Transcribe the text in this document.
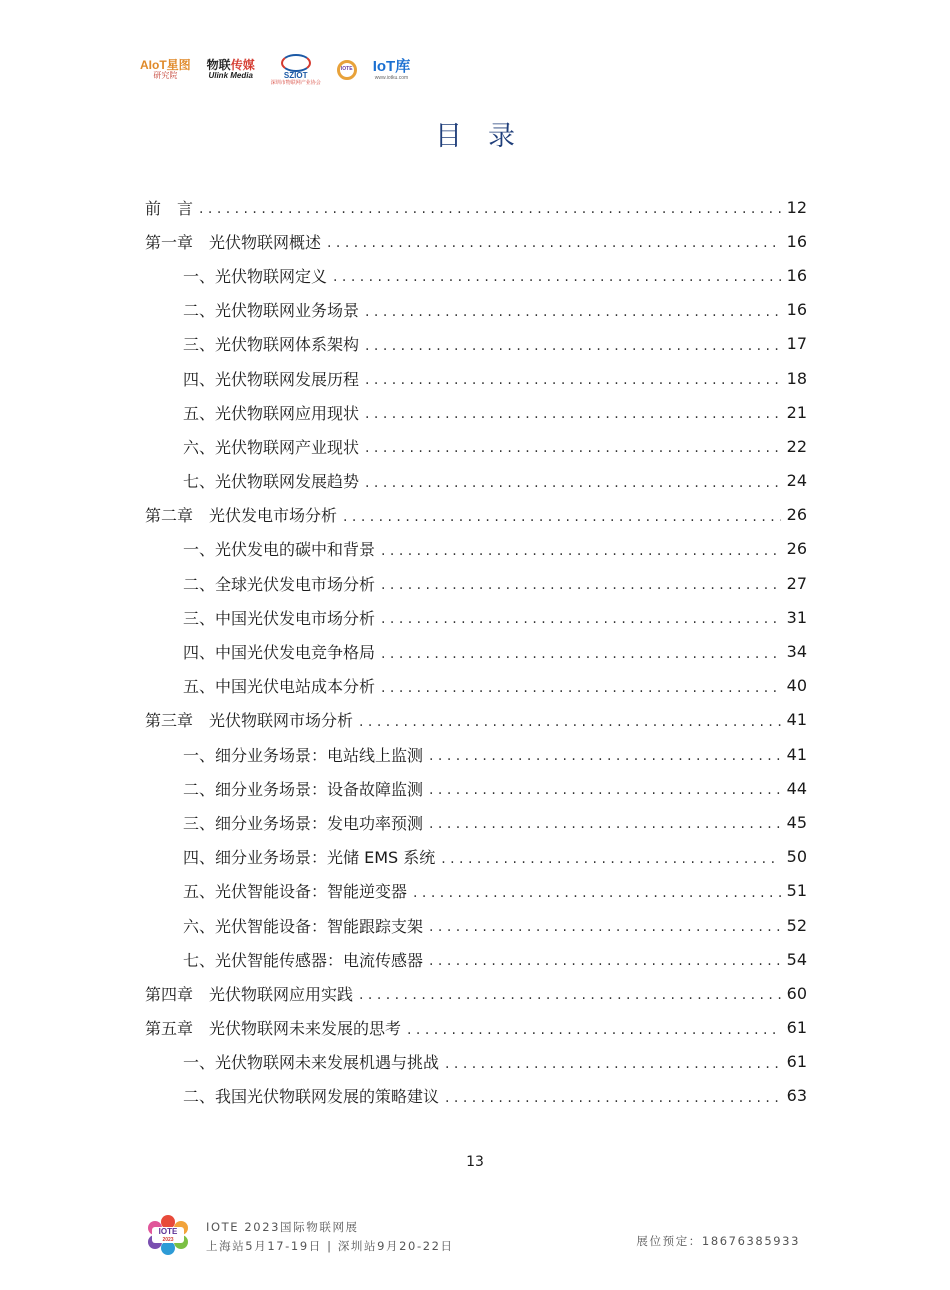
AIoT星图
研究院
物联传媒
Ulink Media	SZIOT
深圳市物联网产业协会
IOTE IoT库
www.iotku.com
目录
前　言 . . .	12
第一章　光伏物联网概述 . . .	16
一、光伏物联网定义 . . .	16
二、光伏物联网业务场景 . . .	16
三、光伏物联网体系架构 . . .	17
四、光伏物联网发展历程 . . .	18
五、光伏物联网应用现状 . . .	21
六、光伏物联网产业现状 . . .	22
七、光伏物联网发展趋势 . . .	24
第二章　光伏发电市场分析 . . .	26
一、光伏发电的碳中和背景 . . .	26
二、全球光伏发电市场分析 . . .	27
三、中国光伏发电市场分析 . . .	31
四、中国光伏发电竞争格局 . . .	34
五、中国光伏电站成本分析 . . .	40
第三章　光伏物联网市场分析 . . .	41
一、细分业务场景：电站线上监测 . . .	41
二、细分业务场景：设备故障监测 . . .	44
三、细分业务场景：发电功率预测 . . .	45
四、细分业务场景：光储 EMS 系统 . . .	50
五、光伏智能设备：智能逆变器 . . .	51
六、光伏智能设备：智能跟踪支架 . . .	52
七、光伏智能传感器：电流传感器 . . .	54
第四章　光伏物联网应用实践 . . .	60
第五章　光伏物联网未来发展的思考 . . .	61
一、光伏物联网未来发展机遇与挑战 . . .	61
二、我国光伏物联网发展的策略建议 . . .	63
13
IOTE
2023
IOTE 2023国际物联网展
上海站5月17-19日 | 深圳站9月20-22日	展位预定：18676385933
